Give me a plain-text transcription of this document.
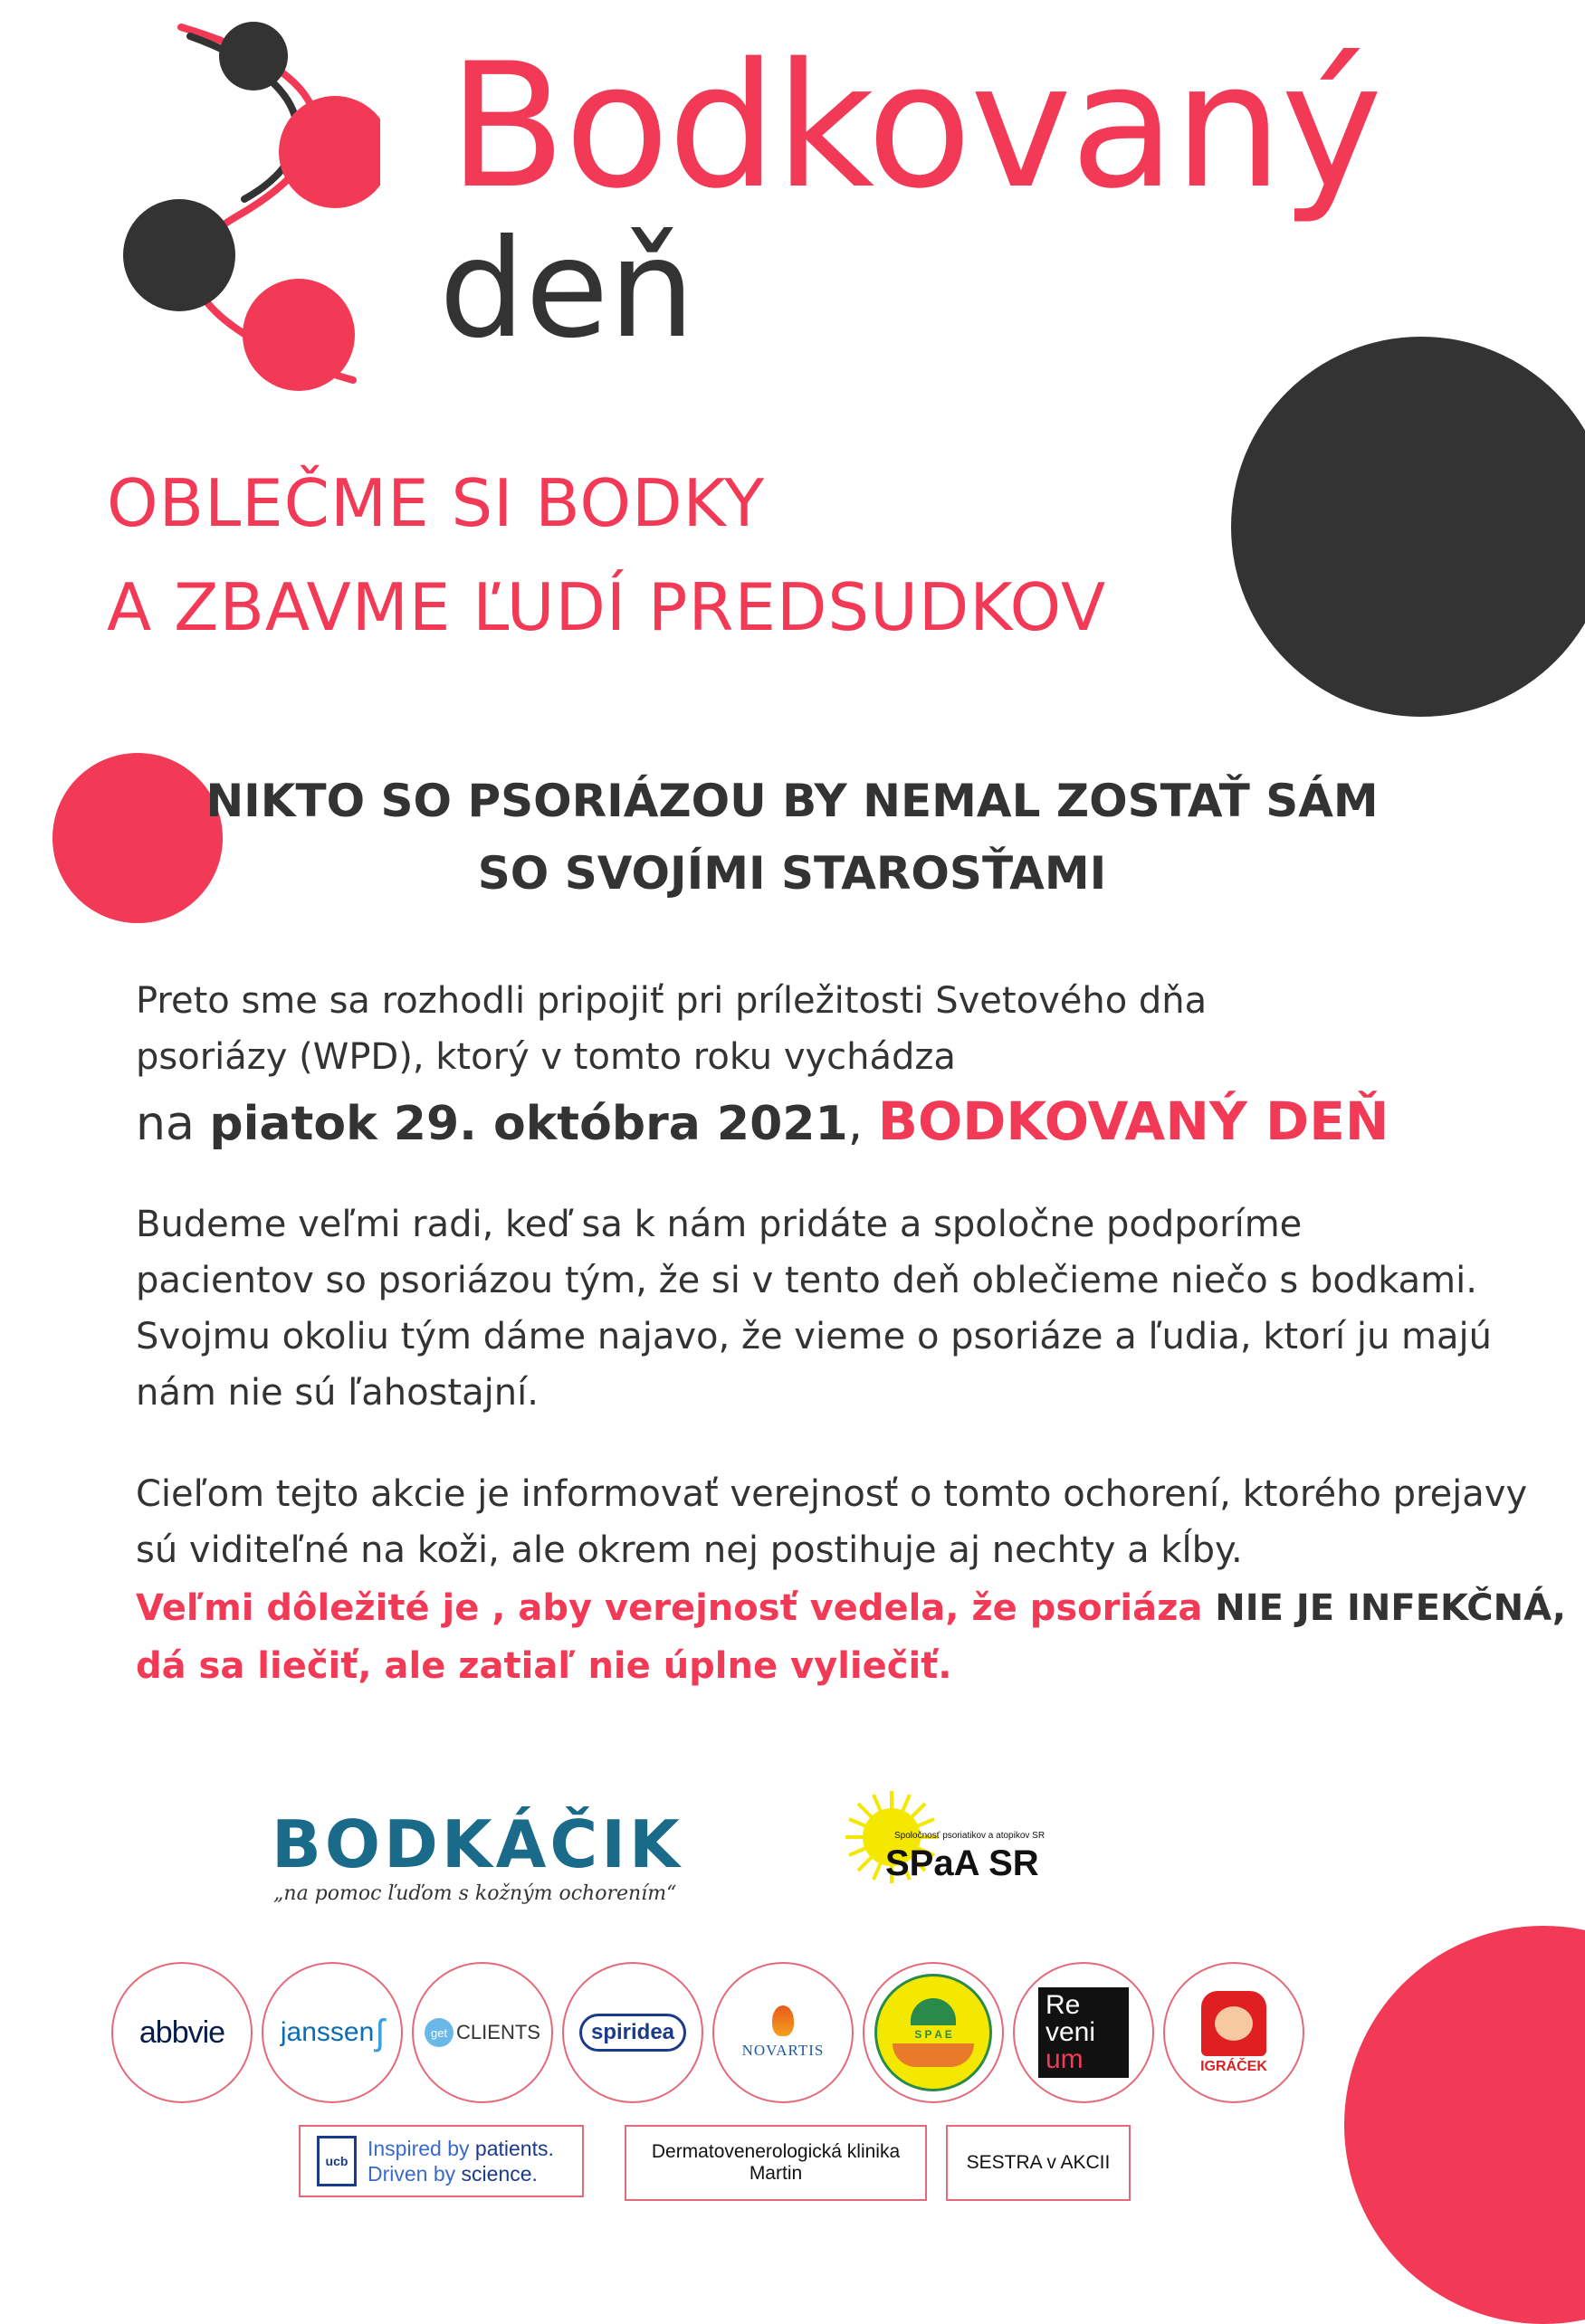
Bodkovaný
deň
OBLEČME SI BODKY
A ZBAVME ĽUDÍ PREDSUDKOV
NIKTO SO PSORIÁZOU BY NEMAL ZOSTAŤ SÁM
SO SVOJÍMI STAROSŤAMI

Preto sme sa rozhodli pripojiť pri príležitosti Svetového dňa

psoriázy (WPD), ktorý v tomto roku vychádza

na piatok 29. októbra 2021, BODKOVANÝ DEŇ

Budeme veľmi radi, keď sa k nám pridáte a spoločne podporíme

pacientov so psoriázou tým, že si v tento deň oblečieme niečo s bodkami.

Svojmu okoliu tým dáme najavo, že vieme o psoriáze a ľudia, ktorí ju majú

nám nie sú ľahostajní.

Cieľom tejto akcie je informovať verejnosť o tomto ochorení, ktorého prejavy

sú viditeľné na koži, ale okrem nej postihuje aj nechty a kĺby.

Veľmi dôležité je , aby verejnosť vedela, že psoriáza NIE JE INFEKČNÁ,
dá sa liečiť, ale zatiaľ nie úplne vyliečiť.
BODKÁČIK
„na pomoc ľuďom s kožným ochorením“
Spoločnosť psoriatikov a atopikov SR
SPaA SR
abbvie janssen ʃ	get CLIENTS	spiridea
NOVARTIS
S P A E
Re
veni
um	IGRÁČEK
ucb
Inspired by patients.
Driven by science.
Dermatovenerologická klinika
Martin
SESTRA v AKCII
